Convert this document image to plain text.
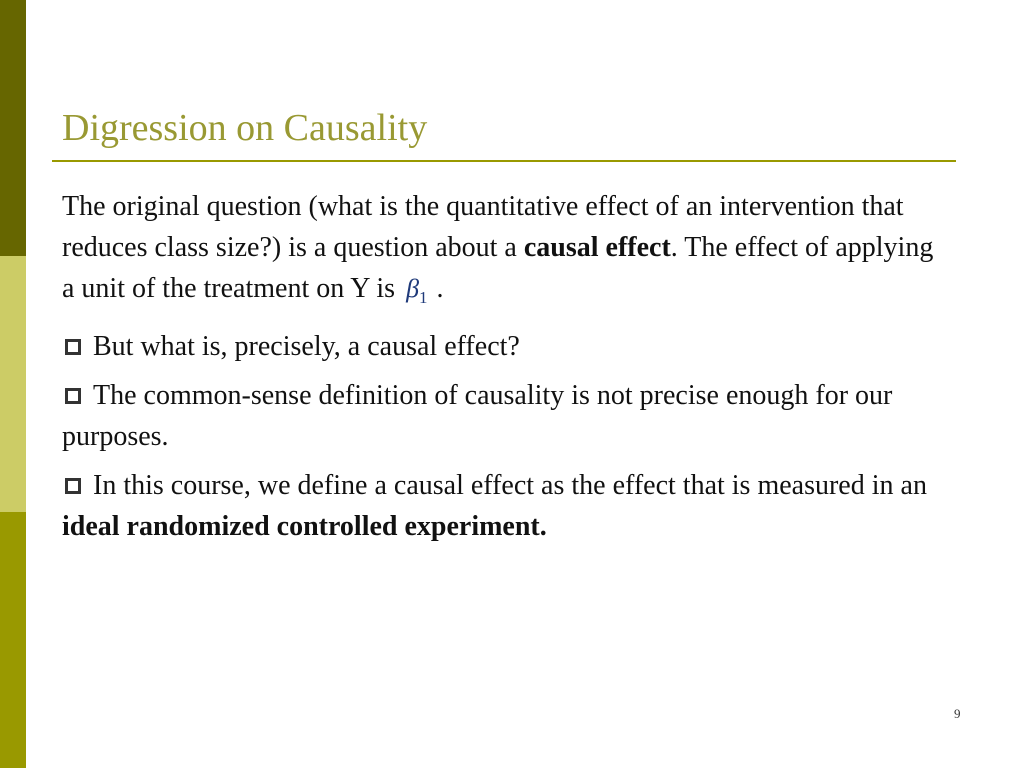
Digression on Causality

The original question (what is the quantitative effect of an intervention that reduces class size?) is a question about a causal effect. The effect of applying a unit of the treatment on Y is $\beta_1$ .

But what is, precisely, a causal effect?

The common-sense definition of causality is not precise enough for our purposes.

In this course, we define a causal effect as the effect that is measured in an ideal randomized controlled experiment.

9
